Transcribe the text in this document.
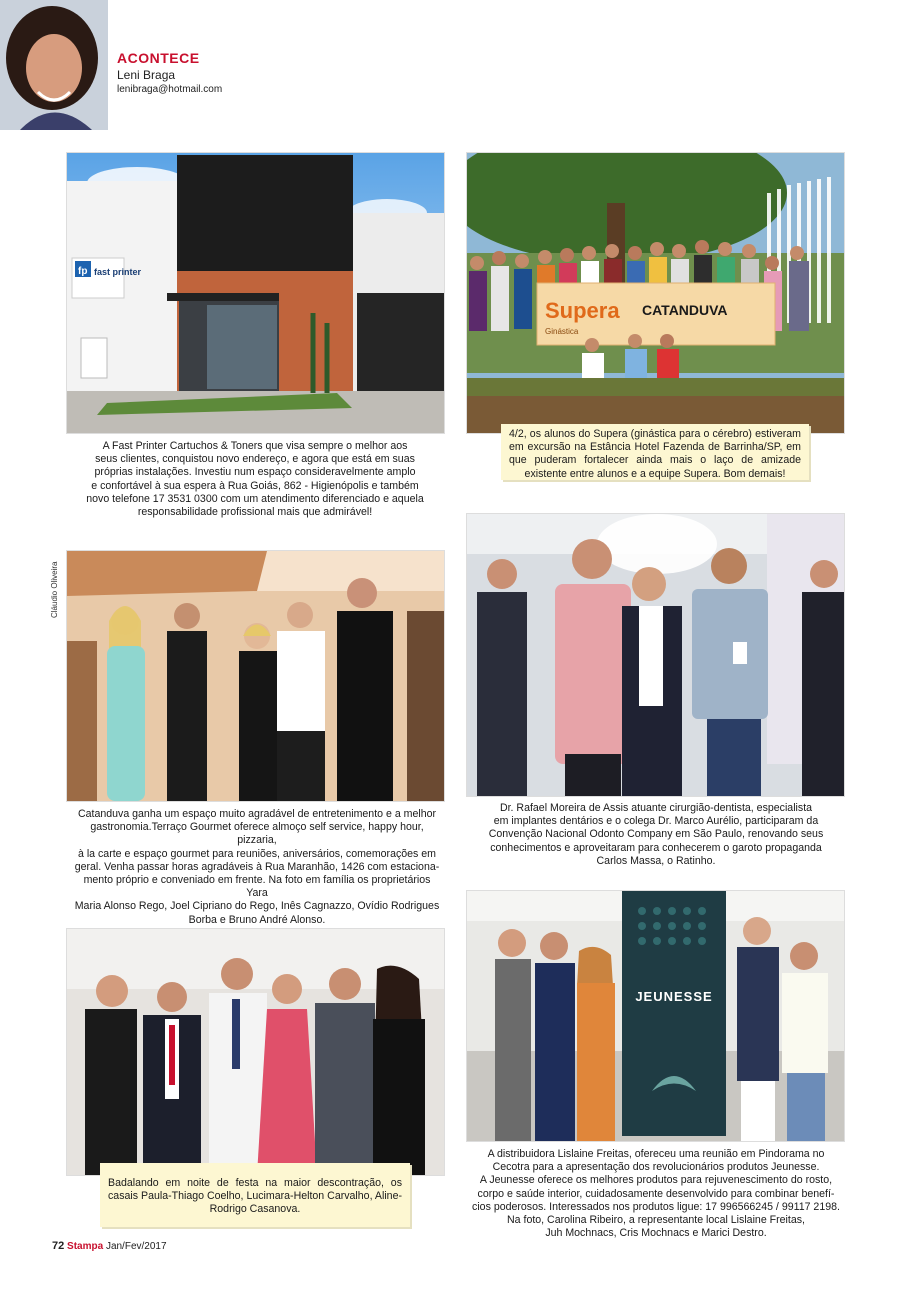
ACONTECE
Leni Braga
lenibraga@hotmail.com
fp fast printer
A Fast Printer Cartuchos & Toners que visa sempre o melhor aos
seus clientes, conquistou novo endereço, e agora que está em suas
próprias instalações. Investiu num espaço consideravelmente amplo
e confortável à sua espera à Rua Goiás, 862 - Higienópolis e também
novo telefone 17 3531 0300 com um atendimento diferenciado e aquela
responsabilidade profissional mais que admirável!
Supera
Ginástica
CATANDUVA
4/2, os alunos do Supera (ginástica para o cérebro) estiveram em excursão na Estância Hotel Fazenda de Barrinha/SP, em que puderam fortalecer ainda mais o laço de amizade existente entre alunos e a equipe Supera. Bom demais!
Cláudio Oliveira
Catanduva ganha um espaço muito agradável de entretenimento e a melhor
gastronomia.Terraço Gourmet oferece almoço self service, happy hour, pizzaria,
à la carte e espaço gourmet para reuniões, aniversários, comemorações em
geral. Venha passar horas agradáveis à Rua Maranhão, 1426 com estaciona-
mento próprio e conveniado em frente. Na foto em família os proprietários Yara
Maria Alonso Rego, Joel Cipriano do Rego, Inês Cagnazzo, Ovídio Rodrigues
Borba e Bruno André Alonso.
Dr. Rafael Moreira de Assis atuante cirurgião-dentista, especialista
em implantes dentários e o colega Dr. Marco Aurélio, participaram da
Convenção Nacional Odonto Company em São Paulo, renovando seus
conhecimentos e aproveitaram para conhecerem o garoto propaganda
Carlos Massa, o Ratinho.
Badalando em noite de festa na maior descontração, os casais Paula-Thiago Coelho, Lucimara-Helton Carvalho, Aline-Rodrigo Casanova.
JEUNESSE
A distribuidora Lislaine Freitas, ofereceu uma reunião em Pindorama no
Cecotra para a apresentação dos revolucionários produtos Jeunesse.
A Jeunesse oferece os melhores produtos para rejuvenescimento do rosto,
corpo e saúde interior, cuidadosamente desenvolvido para combinar benefí-
cios poderosos. Interessados nos produtos ligue: 17 996566245 / 99117 2198.
Na foto, Carolina Ribeiro, a representante local Lislaine Freitas,
Juh Mochnacs, Cris Mochnacs e Marici Destro.
72 Stampa Jan/Fev/2017
